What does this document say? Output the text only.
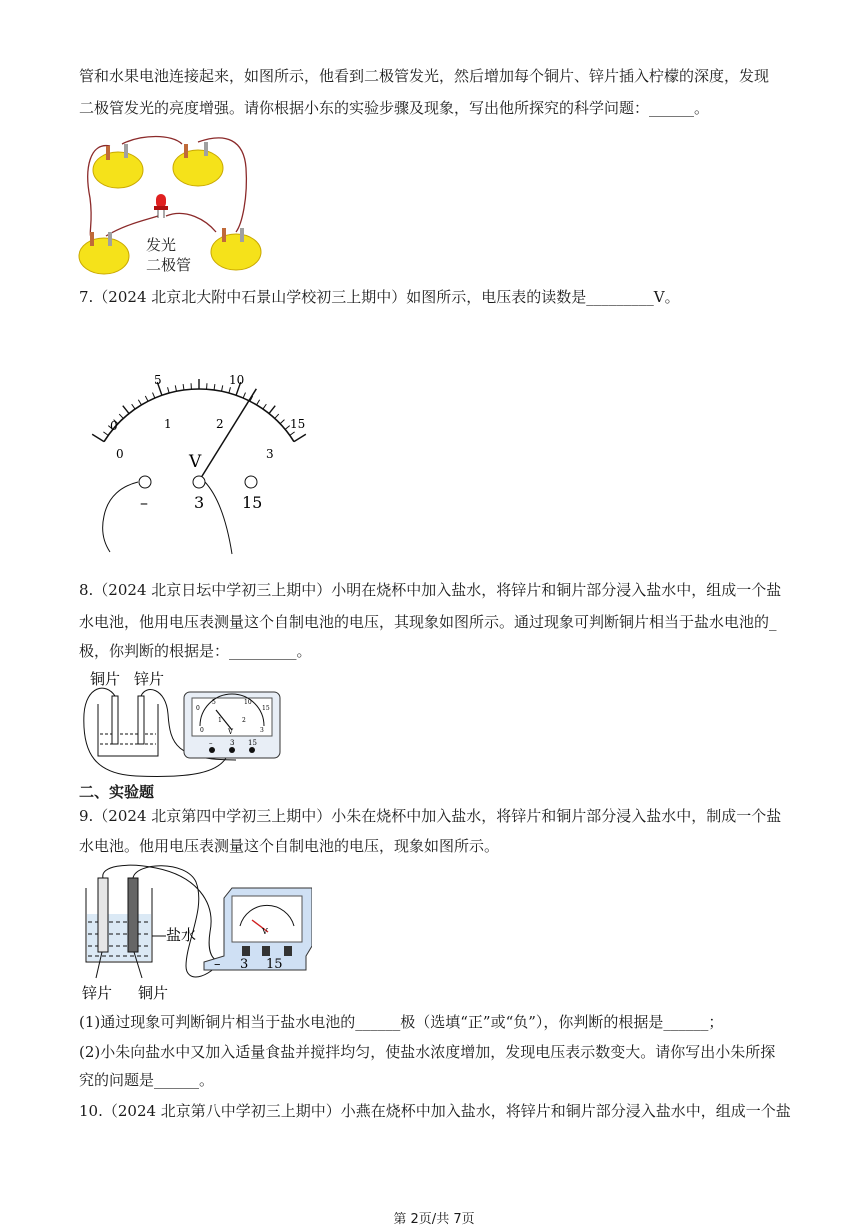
管和水果电池连接起来，如图所示，他看到二极管发光，然后增加每个铜片、锌片插入柠檬的深度，发现
二极管发光的亮度增强。请你根据小东的实验步骤及现象，写出他所探究的科学问题：______。
发光
二极管
7.（2024 北京北大附中石景山学校初三上期中）如图所示，电压表的读数是_________V。
0
5	10
15
0
1	2
3
V
–	3 15
8.（2024 北京日坛中学初三上期中）小明在烧杯中加入盐水，将锌片和铜片部分浸入盐水中，组成一个盐
水电池，他用电压表测量这个自制电池的电压，其现象如图所示。通过现象可判断铜片相当于盐水电池的_
极，你判断的根据是：_________。
铜片 锌片
0
5	10
15
0
1	2
3
V
–	3 15
二、实验题
9.（2024 北京第四中学初三上期中）小朱在烧杯中加入盐水，将锌片和铜片部分浸入盐水中，制成一个盐
水电池。他用电压表测量这个自制电池的电压，现象如图所示。
盐水
锌片 铜片
V
– 3 15
(1)通过现象可判断铜片相当于盐水电池的______极（选填“正”或“负”），你判断的根据是______；
(2)小朱向盐水中又加入适量食盐并搅拌均匀，使盐水浓度增加，发现电压表示数变大。请你写出小朱所探
究的问题是______。
10.（2024 北京第八中学初三上期中）小燕在烧杯中加入盐水，将锌片和铜片部分浸入盐水中，组成一个盐
第 2页/共 7页
